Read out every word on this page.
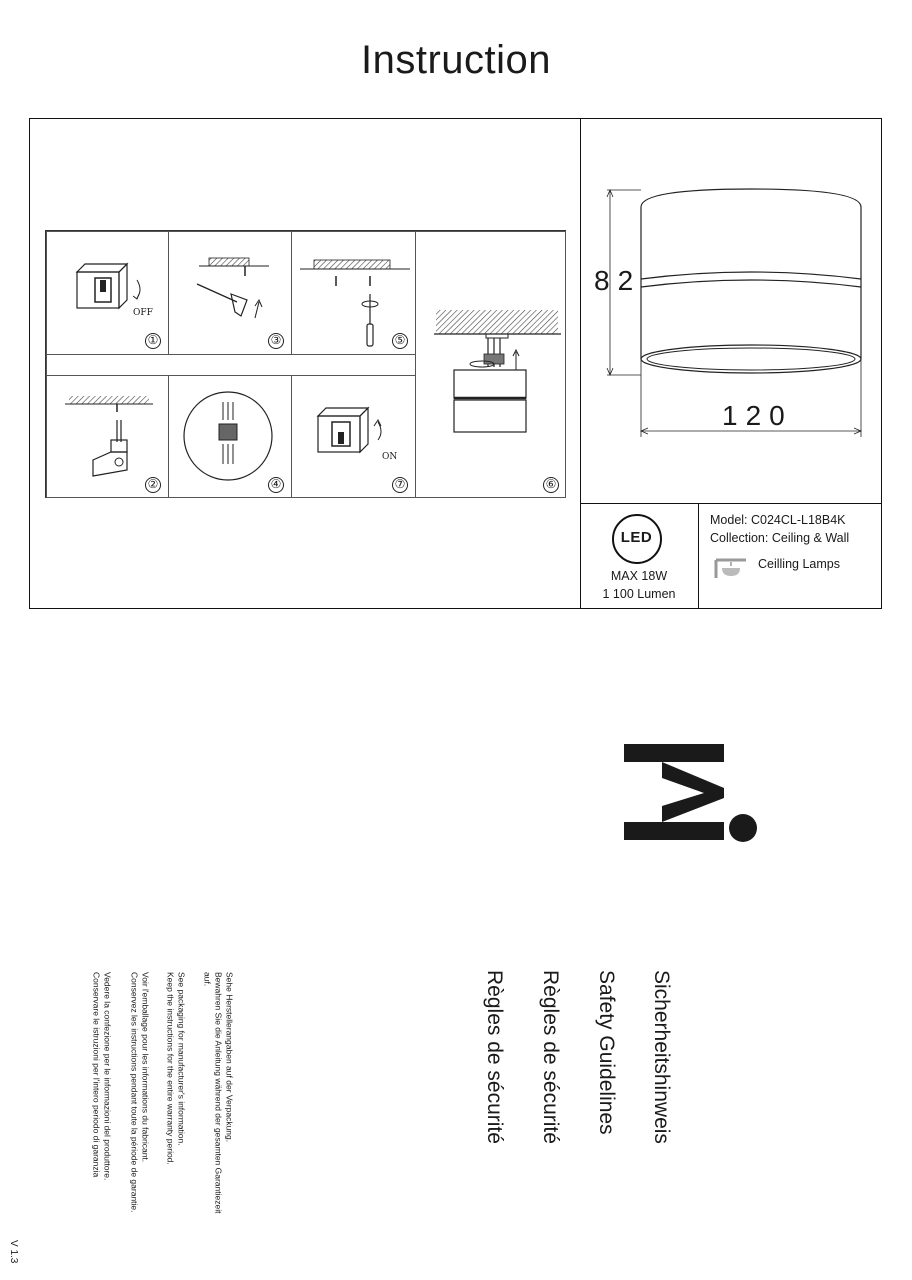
Instruction
OFF
①	③	⑤
⑥
②	④
ON
⑦
82
120
LED
MAX 18W
1 100 Lumen
Model: C024CL-L18B4K
Collection: Ceiling & Wall
Ceilling Lamps
Sicherheitshinweis
Safety Guidelines
Règles de sécurité
Règles de sécurité
Sehe Herstellerangaben auf der Verpackung.
Bewahren Sie die Anleitung während der gesamten Garantiezeit
auf.
See packaging for manufacturer's information.
Keep the instructions for the entire warranty period.
Voir l'emballage pour les informations du fabricant.
Conservez les instructions pendant toute la période de garantie.
Vedere la confezione per le informazioni del produttore.
Conservare le istruzioni per l'intero periodo di garanzia
V 1.3
